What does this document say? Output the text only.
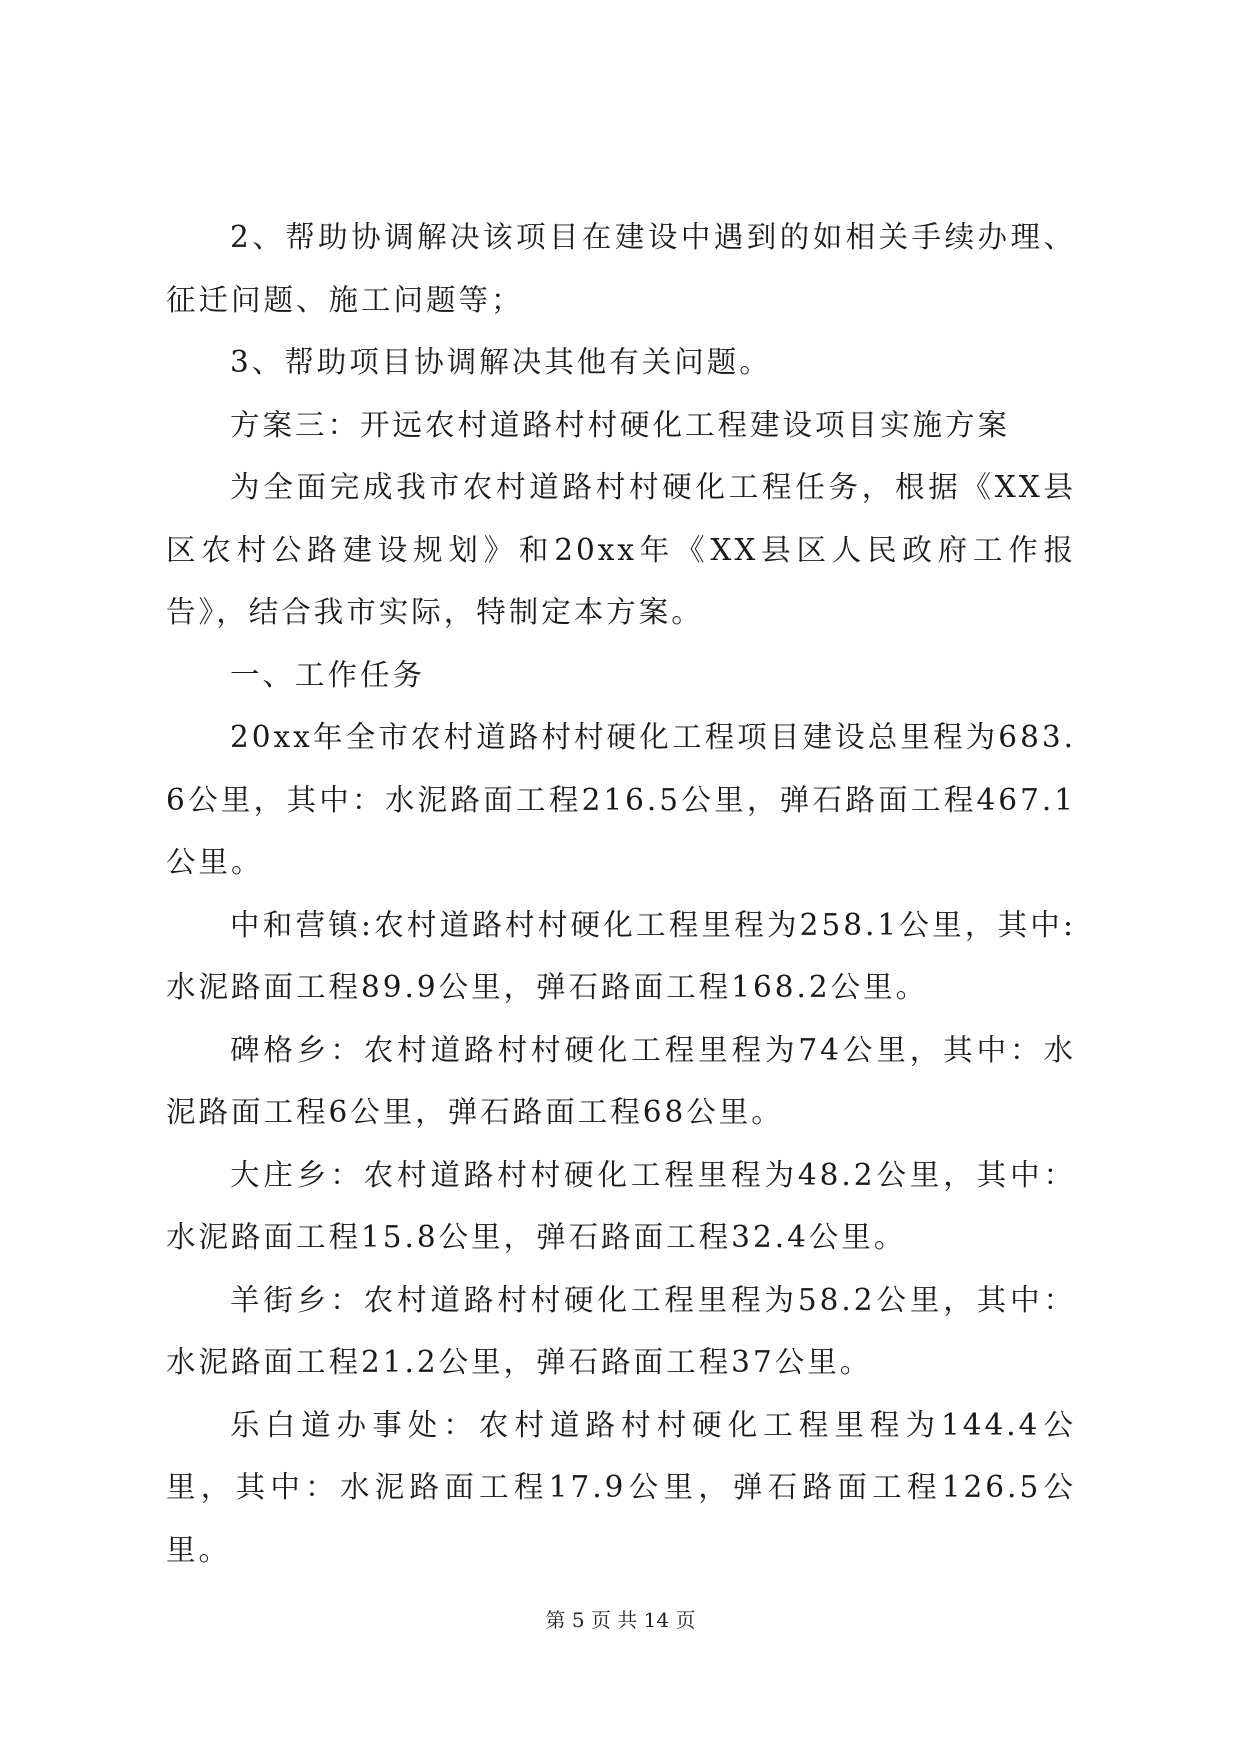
2、帮助协调解决该项目在建设中遇到的如相关手续办理、征迁问题、施工问题等；

3、帮助项目协调解决其他有关问题。

方案三：开远农村道路村村硬化工程建设项目实施方案

为全面完成我市农村道路村村硬化工程任务，根据《XX县区农村公路建设规划》和20xx年《XX县区人民政府工作报告》，结合我市实际，特制定本方案。

一、工作任务

20xx年全市农村道路村村硬化工程项目建设总里程为683.6公里，其中：水泥路面工程216.5公里，弹石路面工程467.1公里。

中和营镇:农村道路村村硬化工程里程为258.1公里，其中:水泥路面工程89.9公里，弹石路面工程168.2公里。

碑格乡：农村道路村村硬化工程里程为74公里，其中：水泥路面工程6公里，弹石路面工程68公里。

大庄乡：农村道路村村硬化工程里程为48.2公里，其中：水泥路面工程15.8公里，弹石路面工程32.4公里。

羊街乡：农村道路村村硬化工程里程为58.2公里，其中：水泥路面工程21.2公里，弹石路面工程37公里。

乐白道办事处：农村道路村村硬化工程里程为144.4公里，其中：水泥路面工程17.9公里，弹石路面工程126.5公里。

第 5 页 共 14 页
